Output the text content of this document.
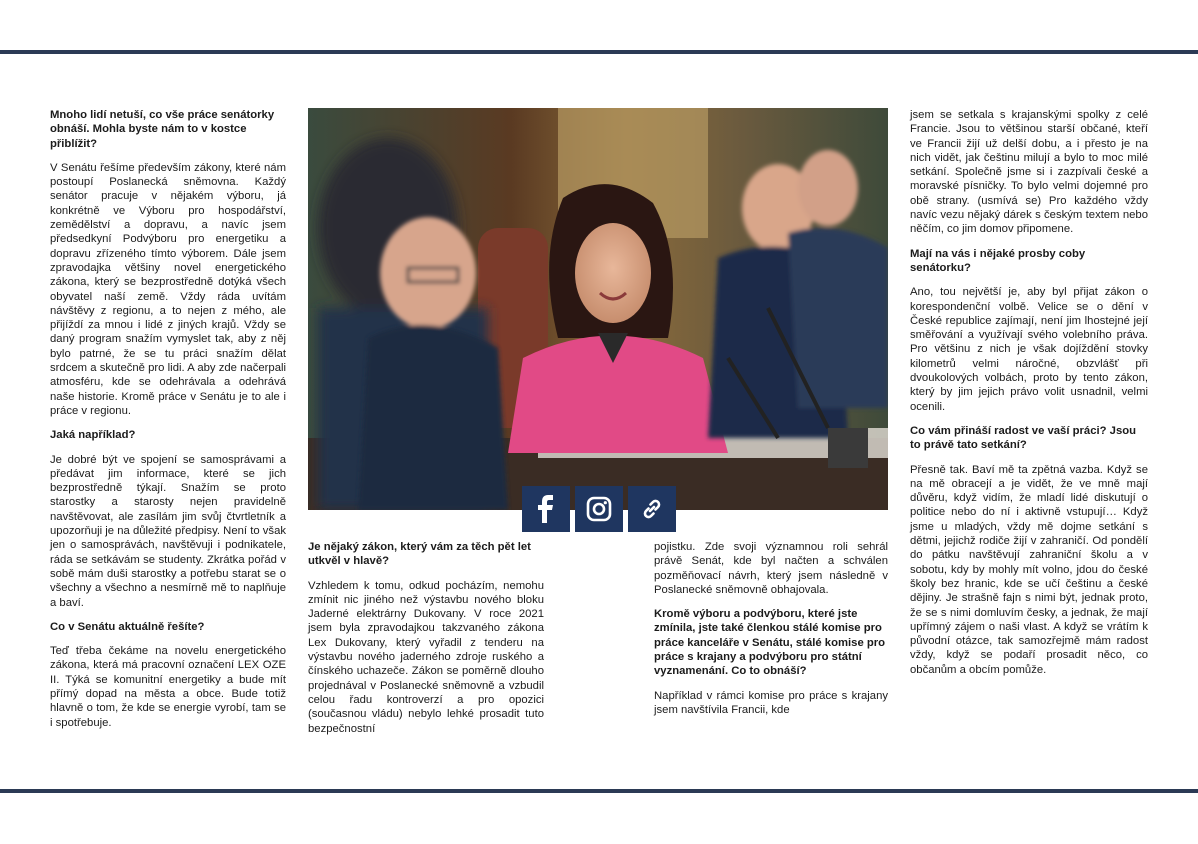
Mnoho lidí netuší, co vše práce senátorky obnáší. Mohla byste nám to v kostce přiblížit?

V Senátu řešíme především zákony, které nám postoupí Poslanecká sněmovna. Každý senátor pracuje v nějakém výboru, já konkrétně ve Výboru pro hospodářství, zemědělství a dopravu, a navíc jsem předsedkyní Podvýboru pro energetiku a dopravu zřízeného tímto výborem. Dále jsem zpravodajka většiny novel energetického zákona, který se bezprostředně dotýká všech obyvatel naší země. Vždy ráda uvítám návštěvy z regionu, a to nejen z mého, ale přijíždí za mnou i lidé z jiných krajů. Vždy se daný program snažím vymyslet tak, aby z něj bylo patrné, že se tu práci snažím dělat srdcem a skutečně pro lidi. A aby zde načerpali atmosféru, kde se odehrávala a odehrává naše historie. Kromě práce v Senátu je to ale i práce v regionu.

Jaká například?

Je dobré být ve spojení se samosprávami a předávat jim informace, které se jich bezprostředně týkají. Snažím se proto starostky a starosty nejen pravidelně navštěvovat, ale zasílám jim svůj čtvrtletník a upozorňuji je na důležité předpisy. Není to však jen o samosprávách, navštěvuji i podnikatele, ráda se setkávám se studenty. Zkrátka pořád v sobě mám duši starostky a potřebu starat se o všechny a všechno a nesmírně mě to naplňuje a baví.

Co v Senátu aktuálně řešíte?

Teď třeba čekáme na novelu energetického zákona, která má pracovní označení LEX OZE II. Týká se komunitní energetiky a bude mít přímý dopad na města a obce. Bude totiž hlavně o tom, že kde se energie vyrobí, tam se i spotřebuje.

Je nějaký zákon, který vám za těch pět let utkvěl v hlavě?

Vzhledem k tomu, odkud pocházím, nemohu zmínit nic jiného než výstavbu nového bloku Jaderné elektrárny Dukovany. V roce 2021 jsem byla zpravodajkou takzvaného zákona Lex Dukovany, který vyřadil z tenderu na výstavbu nového jaderného zdroje ruského a čínského uchazeče. Zákon se poměrně dlouho projednával v Poslanecké sněmovně a vzbudil celou řadu kontroverzí a pro opozici (současnou vládu) nebylo lehké prosadit tuto bezpečnostní

pojistku. Zde svoji významnou roli sehrál právě Senát, kde byl načten a schválen pozměňovací návrh, který jsem následně v Poslanecké sněmovně obhajovala.

Kromě výboru a podvýboru, které jste zmínila, jste také členkou stálé komise pro práce kanceláře v Senátu, stálé komise pro práce s krajany a podvýboru pro státní vyznamenání. Co to obnáší?

Například v rámci komise pro práce s krajany jsem navštívila Francii, kde

jsem se setkala s krajanskými spolky z celé Francie. Jsou to většinou starší občané, kteří ve Francii žijí už delší dobu, a i přesto je na nich vidět, jak češtinu milují a bylo to moc milé setkání. Společně jsme si i zazpívali české a moravské písničky. To bylo velmi dojemné pro obě strany. (usmívá se) Pro každého vždy navíc vezu nějaký dárek s českým textem nebo něčím, co jim domov připomene.

Mají na vás i nějaké prosby coby senátorku?

Ano, tou největší je, aby byl přijat zákon o korespondenční volbě. Velice se o dění v České republice zajímají, není jim lhostejné její směřování a využívají svého volebního práva. Pro většinu z nich je však dojíždění stovky kilometrů velmi náročné, obzvlášť při dvoukolových volbách, proto by tento zákon, který by jim jejich právo volit usnadnil, velmi ocenili.

Co vám přináší radost ve vaší práci? Jsou to právě tato setkání?

Přesně tak. Baví mě ta zpětná vazba. Když se na mě obracejí a je vidět, že ve mně mají důvěru, když vidím, že mladí lidé diskutují o politice nebo do ní i aktivně vstupují… Když jsme u mladých, vždy mě dojme setkání s dětmi, jejichž rodiče žijí v zahraničí. Od pondělí do pátku navštěvují zahraniční školu a v sobotu, kdy by mohly mít volno, jdou do české školy bez hranic, kde se učí češtinu a české dějiny. Je strašně fajn s nimi být, jednak proto, že se s nimi domluvím česky, a jednak, že mají upřímný zájem o naši vlast. A když se vrátím k původní otázce, tak samozřejmě mám radost vždy, když se podaří prosadit něco, co občanům a obcím pomůže.
